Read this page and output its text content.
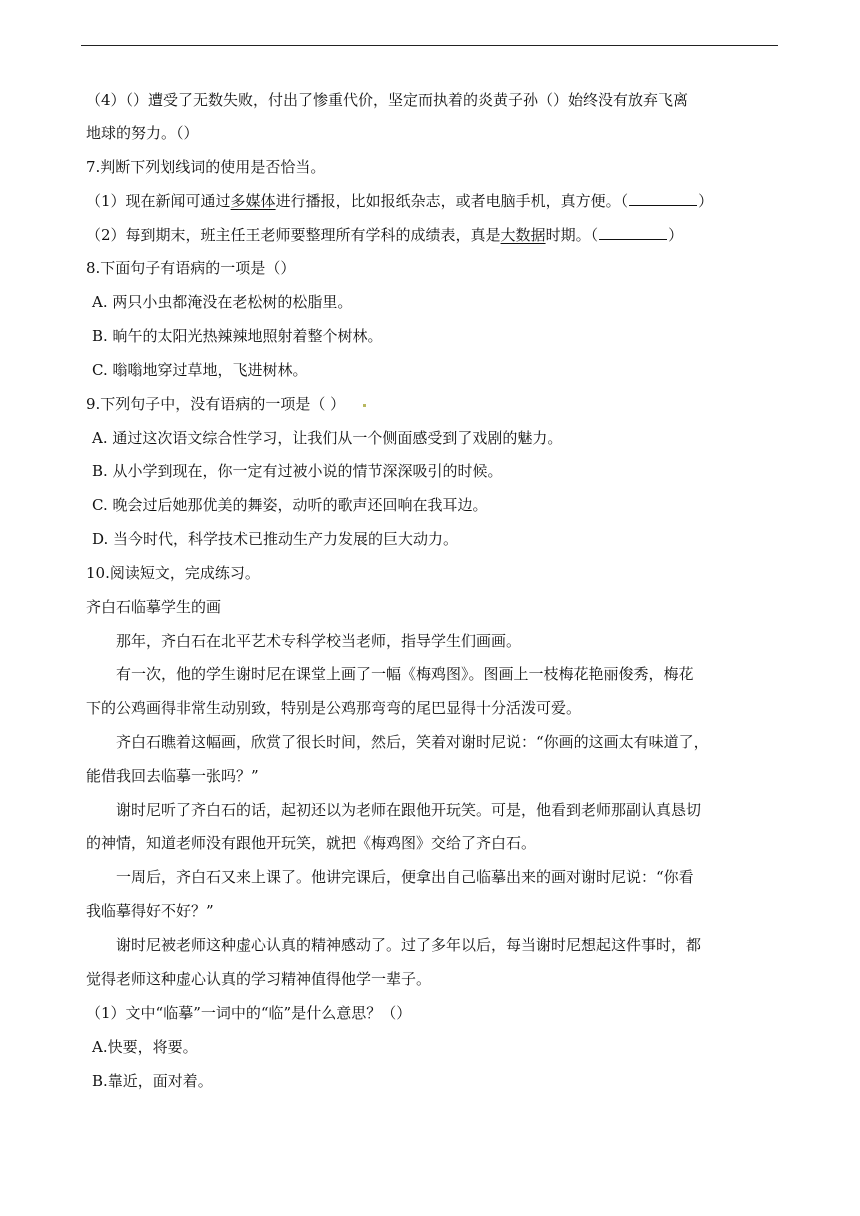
（4）（）遭受了无数失败，付出了惨重代价，坚定而执着的炎黄子孙（）始终没有放弃飞离
地球的努力。（）
7.判断下列划线词的使用是否恰当。
（1）现在新闻可通过多媒体进行播报，比如报纸杂志，或者电脑手机，真方便。（	）
（2）每到期末，班主任王老师要整理所有学科的成绩表，真是大数据时期。（	）
8.下面句子有语病的一项是（）
A. 两只小虫都淹没在老松树的松脂里。
B. 晌午的太阳光热辣辣地照射着整个树林。
C. 嗡嗡地穿过草地，飞进树林。
9.下列句子中，没有语病的一项是（ ）
A. 通过这次语文综合性学习，让我们从一个侧面感受到了戏剧的魅力。
B. 从小学到现在，你一定有过被小说的情节深深吸引的时候。
C. 晚会过后她那优美的舞姿，动听的歌声还回响在我耳边。
D. 当今时代，科学技术已推动生产力发展的巨大动力。
10.阅读短文，完成练习。
齐白石临摹学生的画
　　那年，齐白石在北平艺术专科学校当老师，指导学生们画画。
　　有一次，他的学生谢时尼在课堂上画了一幅《梅鸡图》。图画上一枝梅花艳丽俊秀，梅花
下的公鸡画得非常生动别致，特别是公鸡那弯弯的尾巴显得十分活泼可爱。
　　齐白石瞧着这幅画，欣赏了很长时间，然后，笑着对谢时尼说：“你画的这画太有味道了，
能借我回去临摹一张吗？”
　　谢时尼听了齐白石的话，起初还以为老师在跟他开玩笑。可是，他看到老师那副认真恳切
的神情，知道老师没有跟他开玩笑，就把《梅鸡图》交给了齐白石。
　　一周后，齐白石又来上课了。他讲完课后，便拿出自己临摹出来的画对谢时尼说：“你看
我临摹得好不好？”
　　谢时尼被老师这种虚心认真的精神感动了。过了多年以后，每当谢时尼想起这件事时，都
觉得老师这种虚心认真的学习精神值得他学一辈子。
（1）文中“临摹”一词中的“临”是什么意思？（）
A.快要，将要。
B.靠近，面对着。
